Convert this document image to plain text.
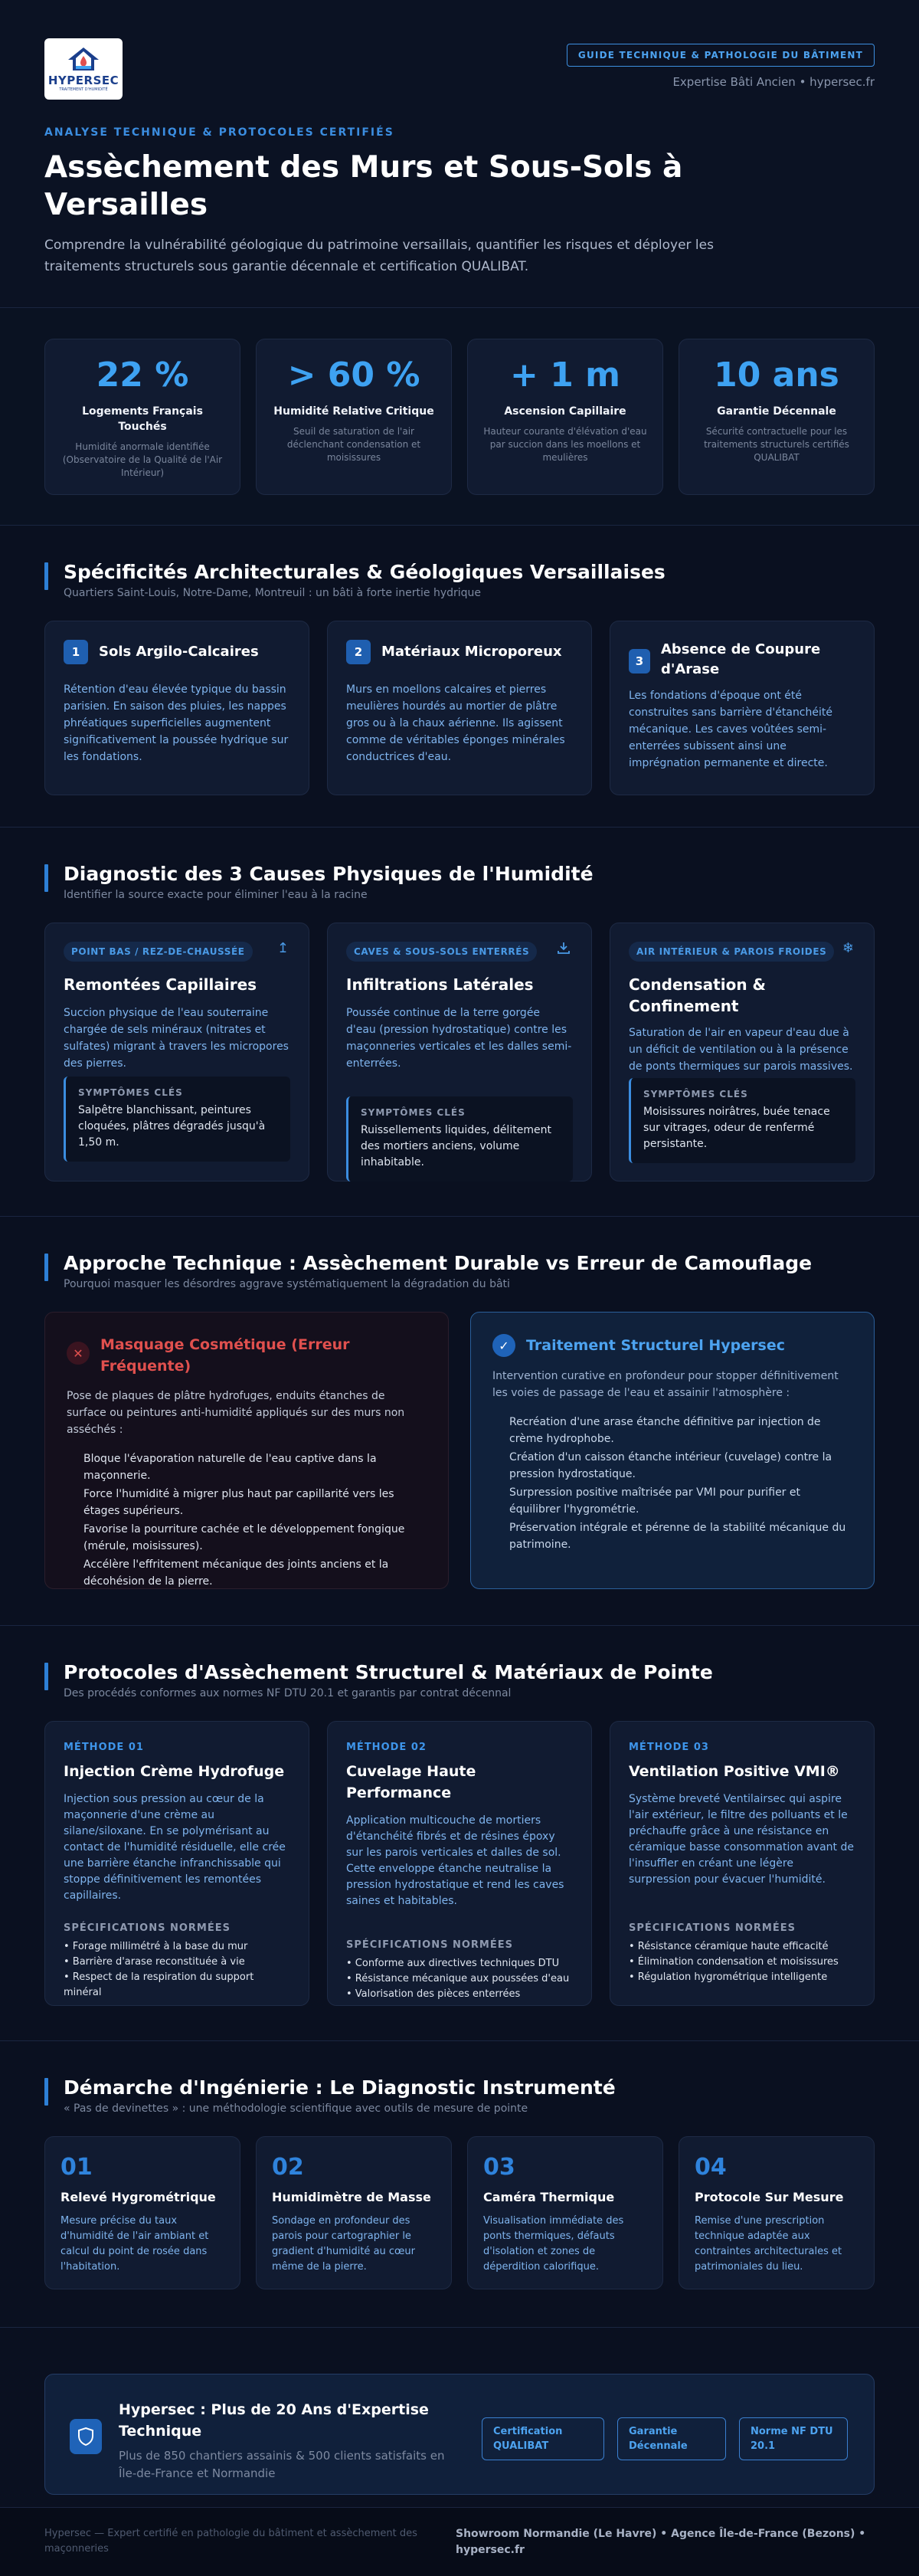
HYPERSEC
TRAITEMENT D'HUMIDITÉ
GUIDE TECHNIQUE & PATHOLOGIE DU BÂTIMENT
Expertise Bâti Ancien • hypersec.fr
ANALYSE TECHNIQUE & PROTOCOLES CERTIFIÉS
Assèchement des Murs et Sous-Sols à Versailles

Comprendre la vulnérabilité géologique du patrimoine versaillais, quantifier les risques et déployer les traitements structurels sous garantie décennale et certification QUALIBAT.

22 %
Logements Français Touchés
Humidité anormale identifiée (Observatoire de la Qualité de l'Air Intérieur)
> 60 %
Humidité Relative Critique
Seuil de saturation de l'air déclenchant condensation et moisissures
+ 1 m
Ascension Capillaire
Hauteur courante d'élévation d'eau par succion dans les moellons et meulières
10 ans
Garantie Décennale
Sécurité contractuelle pour les traitements structurels certifiés QUALIBAT
Spécificités Architecturales & Géologiques Versaillaises
Quartiers Saint-Louis, Notre-Dame, Montreuil : un bâti à forte inertie hydrique
1	Sols Argilo-Calcaires

Rétention d'eau élevée typique du bassin parisien. En saison des pluies, les nappes phréatiques superficielles augmentent significativement la poussée hydrique sur les fondations.

2	Matériaux Microporeux

Murs en moellons calcaires et pierres meulières hourdés au mortier de plâtre gros ou à la chaux aérienne. Ils agissent comme de véritables éponges minérales conductrices d'eau.

3
Absence de Coupure d'Arase

Les fondations d'époque ont été construites sans barrière d'étanchéité mécanique. Les caves voûtées semi-enterrées subissent ainsi une imprégnation permanente et directe.

Diagnostic des 3 Causes Physiques de l'Humidité
Identifier la source exacte pour éliminer l'eau à la racine
POINT BAS / REZ-DE-CHAUSSÉE ↥
Remontées Capillaires

Succion physique de l'eau souterraine chargée de sels minéraux (nitrates et sulfates) migrant à travers les micropores des pierres.

SYMPTÔMES CLÉS
Salpêtre blanchissant, peintures cloquées, plâtres dégradés jusqu'à 1,50 m.
CAVES & SOUS-SOLS ENTERRÉS
Infiltrations Latérales

Poussée continue de la terre gorgée d'eau (pression hydrostatique) contre les maçonneries verticales et les dalles semi-enterrées.

SYMPTÔMES CLÉS
Ruissellements liquides, délitement des mortiers anciens, volume inhabitable.
AIR INTÉRIEUR & PAROIS FROIDES ❄
Condensation & Confinement

Saturation de l'air en vapeur d'eau due à un déficit de ventilation ou à la présence de ponts thermiques sur parois massives.

SYMPTÔMES CLÉS
Moisissures noirâtres, buée tenace sur vitrages, odeur de renfermé persistante.
Approche Technique : Assèchement Durable vs Erreur de Camouflage
Pourquoi masquer les désordres aggrave systématiquement la dégradation du bâti
✕	Masquage Cosmétique (Erreur Fréquente)

Pose de plaques de plâtre hydrofuges, enduits étanches de surface ou peintures anti-humidité appliqués sur des murs non asséchés :

Bloque l'évaporation naturelle de l'eau captive dans la maçonnerie.
Force l'humidité à migrer plus haut par capillarité vers les étages supérieurs.
Favorise la pourriture cachée et le développement fongique (mérule, moisissures).
Accélère l'effritement mécanique des joints anciens et la décohésion de la pierre.
✓	Traitement Structurel Hypersec

Intervention curative en profondeur pour stopper définitivement les voies de passage de l'eau et assainir l'atmosphère :

Recréation d'une arase étanche définitive par injection de crème hydrophobe.
Création d'un caisson étanche intérieur (cuvelage) contre la pression hydrostatique.
Surpression positive maîtrisée par VMI pour purifier et équilibrer l'hygrométrie.
Préservation intégrale et pérenne de la stabilité mécanique du patrimoine.
Protocoles d'Assèchement Structurel & Matériaux de Pointe
Des procédés conformes aux normes NF DTU 20.1 et garantis par contrat décennal
MÉTHODE 01
Injection Crème Hydrofuge
Injection sous pression au cœur de la maçonnerie d'une crème au silane/siloxane. En se polymérisant au contact de l'humidité résiduelle, elle crée une barrière étanche infranchissable qui stoppe définitivement les remontées capillaires.
SPÉCIFICATIONS NORMÉES
• Forage millimétré à la base du mur
• Barrière d'arase reconstituée à vie
• Respect de la respiration du support minéral
MÉTHODE 02
Cuvelage Haute Performance
Application multicouche de mortiers d'étanchéité fibrés et de résines époxy sur les parois verticales et dalles de sol. Cette enveloppe étanche neutralise la pression hydrostatique et rend les caves saines et habitables.
SPÉCIFICATIONS NORMÉES
• Conforme aux directives techniques DTU
• Résistance mécanique aux poussées d'eau
• Valorisation des pièces enterrées
MÉTHODE 03
Ventilation Positive VMI®
Système breveté Ventilairsec qui aspire l'air extérieur, le filtre des polluants et le préchauffe grâce à une résistance en céramique basse consommation avant de l'insuffler en créant une légère surpression pour évacuer l'humidité.
SPÉCIFICATIONS NORMÉES
• Résistance céramique haute efficacité
• Élimination condensation et moisissures
• Régulation hygrométrique intelligente
Démarche d'Ingénierie : Le Diagnostic Instrumenté
« Pas de devinettes » : une méthodologie scientifique avec outils de mesure de pointe
01
Relevé Hygrométrique
Mesure précise du taux d'humidité de l'air ambiant et calcul du point de rosée dans l'habitation.
02
Humidimètre de Masse
Sondage en profondeur des parois pour cartographier le gradient d'humidité au cœur même de la pierre.
03
Caméra Thermique
Visualisation immédiate des ponts thermiques, défauts d'isolation et zones de déperdition calorifique.
04
Protocole Sur Mesure
Remise d'une prescription technique adaptée aux contraintes architecturales et patrimoniales du lieu.
Hypersec : Plus de 20 Ans d'Expertise Technique
Plus de 850 chantiers assainis & 500 clients satisfaits en Île-de-France et Normandie
Certification QUALIBAT
Garantie Décennale
Norme NF DTU 20.1
Hypersec — Expert certifié en pathologie du bâtiment et assèchement des maçonneries
Showroom Normandie (Le Havre) • Agence Île-de-France (Bezons) • hypersec.fr
